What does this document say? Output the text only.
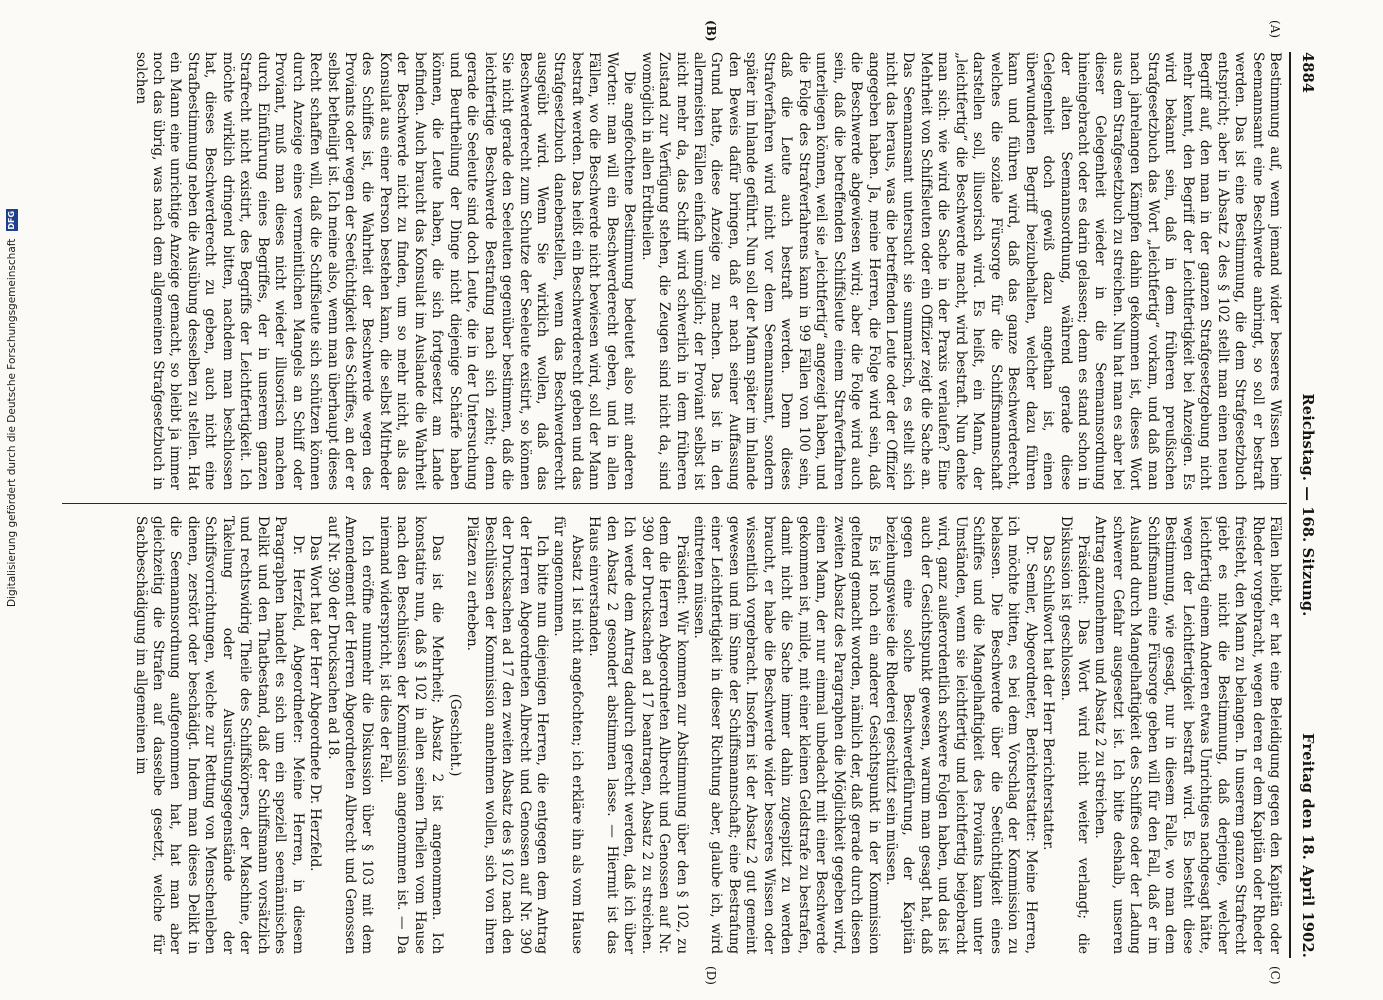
4884
Reichstag. — 168. Sitzung.
Freitag den 18. April 1902.
(A)
(B)
(C)
(D)

Bestimmung auf, wenn jemand wider besseres Wissen beim Seemannsamt eine Beschwerde anbringt, so soll er bestraft werden. Das ist eine Bestimmung, die dem Strafgesetzbuch entspricht; aber in Absatz 2 des § 102 stellt man einen neuen Begriff auf, den man in der ganzen Strafgesetzgebung nicht mehr kennt, den Begriff der Leichtfertigkeit bei Anzeigen. Es wird bekannt sein, daß in dem früheren preußischen Strafgesetzbuch das Wort „leichtfertig“ vorkam, und daß man nach jahrelangen Kämpfen dahin gekommen ist, dieses Wort aus dem Strafgesetzbuch zu streichen. Nun hat man es aber bei dieser Gelegenheit wieder in die Seemannsordnung hineingebracht oder es darin gelassen; denn es stand schon in der alten Seemannsordnung, während gerade diese Gelegenheit doch gewiß dazu angethan ist, einen überwundenen Begriff beizubehalten, welcher dazu führen kann und führen wird, daß das ganze Beschwerderecht, welches die soziale Fürsorge für die Schiffsmannschaft darstellen soll, illusorisch wird. Es heißt, ein Mann, der „leichtfertig“ die Beschwerde macht, wird bestraft. Nun denke man sich: wie wird die Sache in der Praxis verlaufen? Eine Mehrheit von Schiffsleuten oder ein Offizier zeigt die Sache an. Das Seemannsamt untersucht sie summarisch, es stellt sich nicht das heraus, was die betreffenden Leute oder der Offizier angegeben haben. Ja, meine Herren, die Folge wird sein, daß die Beschwerde abgewiesen wird; aber die Folge wird auch sein, daß die betreffenden Schiffsleute einem Strafverfahren unterliegen können, weil sie „leichtfertig“ angezeigt haben, und die Folge des Strafverfahrens kann in 99 Fällen von 100 sein, daß die Leute auch bestraft werden. Denn dieses Strafverfahren wird nicht vor dem Seemannsamt, sondern später im Inlande geführt. Nun soll der Mann später im Inlande den Beweis dafür bringen, daß er nach seiner Auffassung Grund hatte, diese Anzeige zu machen. Das ist in den allermeisten Fällen einfach unmöglich; der Proviant selbst ist nicht mehr da, das Schiff wird schwerlich in dem früheren Zustand zur Verfügung stehen, die Zeugen sind nicht da, sind womöglich in allen Erdtheilen.

Die angefochtene Bestimmung bedeutet also mit anderen Worten: man will ein Beschwerderecht geben, und in allen Fällen, wo die Beschwerde nicht bewiesen wird, soll der Mann bestraft werden. Das heißt ein Beschwerderecht geben und das Strafgesetzbuch danebenstellen, wenn das Beschwerderecht ausgeübt wird. Wenn Sie wirklich wollen, daß das Beschwerderecht zum Schutze der Seeleute existirt, so können Sie nicht gerade den Seeleuten gegenüber bestimmen, daß die leichtfertige Beschwerde Bestrafung nach sich zieht; denn gerade die Seeleute sind doch Leute, die in der Untersuchung und Beurtheilung der Dinge nicht diejenige Schärfe haben können, die Leute haben, die sich fortgesetzt am Lande befinden. Auch braucht das Konsulat im Auslande die Wahrheit der Beschwerde nicht zu finden, um so mehr nicht, als das Konsulat aus einer Person bestehen kann, die selbst Mitrheder des Schiffes ist, die Wahrheit der Beschwerde wegen des Proviants oder wegen der Seetüchtigkeit des Schiffes, an der er selbst betheiligt ist. Ich meine also, wenn man überhaupt dieses Recht schaffen will, daß die Schiffsleute sich schützen können durch Anzeige eines vermeintlichen Mangels an Schiff oder Proviant, muß man dieses nicht wieder illusorisch machen durch Einführung eines Begriffes, der in unserem ganzen Strafrecht nicht existirt, des Begriffs der Leichtfertigkeit. Ich möchte wirklich dringend bitten, nachdem man beschlossen hat, dieses Beschwerderecht zu geben, auch nicht eine Strafbestimmung neben die Ausübung desselben zu stellen. Hat ein Mann eine unrichtige Anzeige gemacht, so bleibt ja immer noch das übrig, was nach dem allgemeinen Strafgesetzbuch in solchen

Fällen bleibt, er hat eine Beleidigung gegen den Kapitän oder Rheder vorgebracht, wegen deren er dem Kapitän oder Rheder freisteht, den Mann zu belangen. In unserem ganzen Strafrecht giebt es nicht die Bestimmung, daß derjenige, welcher leichtfertig einem Anderen etwas Unrichtiges nachgesagt hätte, wegen der Leichtfertigkeit bestraft wird. Es besteht diese Bestimmung, wie gesagt, nur in diesem Falle, wo man dem Schiffsmann eine Fürsorge geben will für den Fall, daß er im Ausland durch Mangelhaftigkeit des Schiffes oder der Ladung schwerer Gefahr ausgesetzt ist. Ich bitte deshalb, unseren Antrag anzunehmen und Absatz 2 zu streichen.

Präsident: Das Wort wird nicht weiter verlangt; die Diskussion ist geschlossen.

Das Schlußwort hat der Herr Berichterstatter.

Dr. Semler, Abgeordneter, Berichterstatter: Meine Herren, ich möchte bitten, es bei dem Vorschlag der Kommission zu belassen. Die Beschwerde über die Seetüchtigkeit eines Schiffes und die Mangelhaftigkeit des Proviants kann unter Umständen, wenn sie leichtfertig und leichtfertig beigebracht wird, ganz außerordentlich schwere Folgen haben, und das ist auch der Gesichtspunkt gewesen, warum man gesagt hat, daß gegen eine solche Beschwerdeführung, der Kapitän beziehungsweise die Rhederei geschützt sein müssen.

Es ist noch ein anderer Gesichtspunkt in der Kommission geltend gemacht worden, nämlich der, daß gerade durch diesen zweiten Absatz des Paragraphen die Möglichkeit gegeben wird, einen Mann, der nur einmal unbedacht mit einer Beschwerde gekommen ist, milde, mit einer kleinen Geldstrafe zu bestrafen, damit nicht die Sache immer dahin zugespitzt zu werden braucht, er habe die Beschwerde wider besseres Wissen oder wissentlich vorgebracht. Insofern ist der Absatz 2 gut gemeint gewesen und im Sinne der Schiffsmannschaft; eine Bestrafung einer Leichtfertigkeit in dieser Richtung aber, glaube ich, wird eintreten müssen.

Präsident: Wir kommen zur Abstimmung über den § 102, zu dem die Herren Abgeordneten Albrecht und Genossen auf Nr. 390 der Drucksachen ad 17 beantragen, Absatz 2 zu streichen. Ich werde dem Antrag dadurch gerecht werden, daß ich über den Absatz 2 gesondert abstimmen lasse. — Hiermit ist das Haus einverstanden.

Absatz 1 ist nicht angefochten; ich erkläre ihn als vom Hause für angenommen.

Ich bitte nun diejenigen Herren, die entgegen dem Antrag der Herren Abgeordneten Albrecht und Genossen auf Nr. 390 der Drucksachen ad 17 den zweiten Absatz des § 102 nach den Beschlüssen der Kommission annehmen wollen, sich von ihren Plätzen zu erheben.

(Geschieht.)

Das ist die Mehrheit; Absatz 2 ist angenommen. Ich konstatire nun, daß § 102 in allen seinen Theilen vom Hause nach den Beschlüssen der Kommission angenommen ist. — Da niemand widerspricht, ist dies der Fall.

Ich eröffne nunmehr die Diskussion über § 103 mit dem Amendement der Herren Abgeordneten Albrecht und Genossen auf Nr. 390 der Drucksachen ad 18.

Das Wort hat der Herr Abgeordnete Dr. Herzfeld.

Dr. Herzfeld, Abgeordneter: Meine Herren, in diesem Paragraphen handelt es sich um ein speziell seemännisches Delikt und den Thatbestand, daß der Schiffsmann vorsätzlich und rechtswidrig Theile des Schiffskörpers, der Maschine, der Takelung oder Ausrüstungsgegenstände der Schiffsvorrichtungen, welche zur Rettung von Menschenleben dienen, zerstört oder beschädigt. Indem man dieses Delikt in die Seemannsordnung aufgenommen hat, hat man aber gleichzeitig die Strafen auf dasselbe gesetzt, welche für Sachbeschädigung im allgemeinen im

Digitalisierung gefördert durch die Deutsche Forschungsgemeinschaft DFG
